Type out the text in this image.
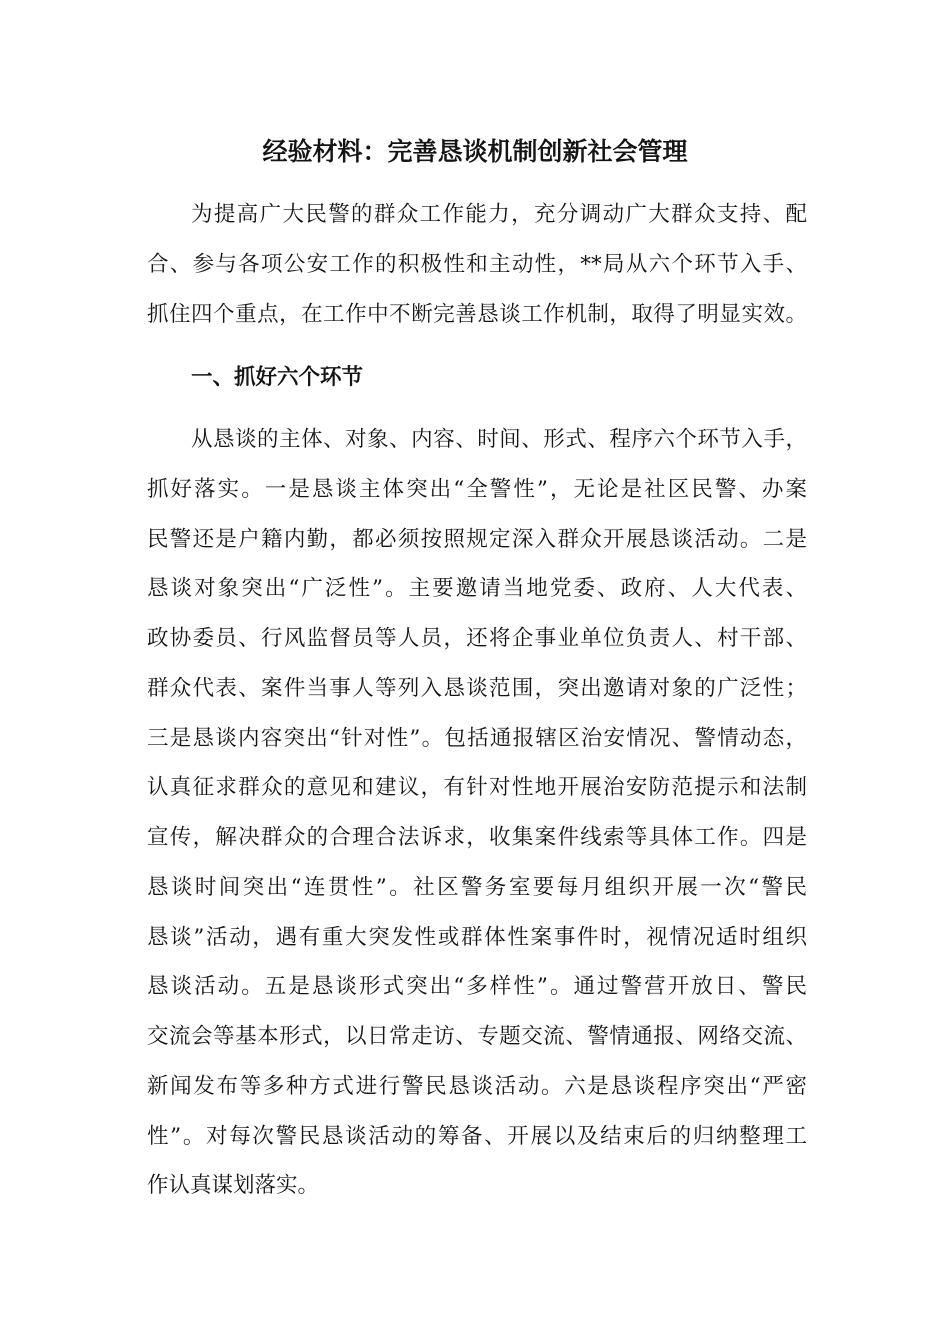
经验材料：完善恳谈机制创新社会管理
为提高广大民警的群众工作能力，充分调动广大群众支持、配
合、参与各项公安工作的积极性和主动性，**局从六个环节入手、
抓住四个重点，在工作中不断完善恳谈工作机制，取得了明显实效。
一、抓好六个环节
从恳谈的主体、对象、内容、时间、形式、程序六个环节入手，
抓好落实。一是恳谈主体突出“全警性”，无论是社区民警、办案
民警还是户籍内勤，都必须按照规定深入群众开展恳谈活动。二是
恳谈对象突出“广泛性”。主要邀请当地党委、政府、人大代表、
政协委员、行风监督员等人员，还将企事业单位负责人、村干部、
群众代表、案件当事人等列入恳谈范围，突出邀请对象的广泛性；
三是恳谈内容突出“针对性”。包括通报辖区治安情况、警情动态，
认真征求群众的意见和建议，有针对性地开展治安防范提示和法制
宣传，解决群众的合理合法诉求，收集案件线索等具体工作。四是
恳谈时间突出“连贯性”。社区警务室要每月组织开展一次“警民
恳谈”活动，遇有重大突发性或群体性案事件时，视情况适时组织
恳谈活动。五是恳谈形式突出“多样性”。通过警营开放日、警民
交流会等基本形式，以日常走访、专题交流、警情通报、网络交流、
新闻发布等多种方式进行警民恳谈活动。六是恳谈程序突出“严密
性”。对每次警民恳谈活动的筹备、开展以及结束后的归纳整理工
作认真谋划落实。
